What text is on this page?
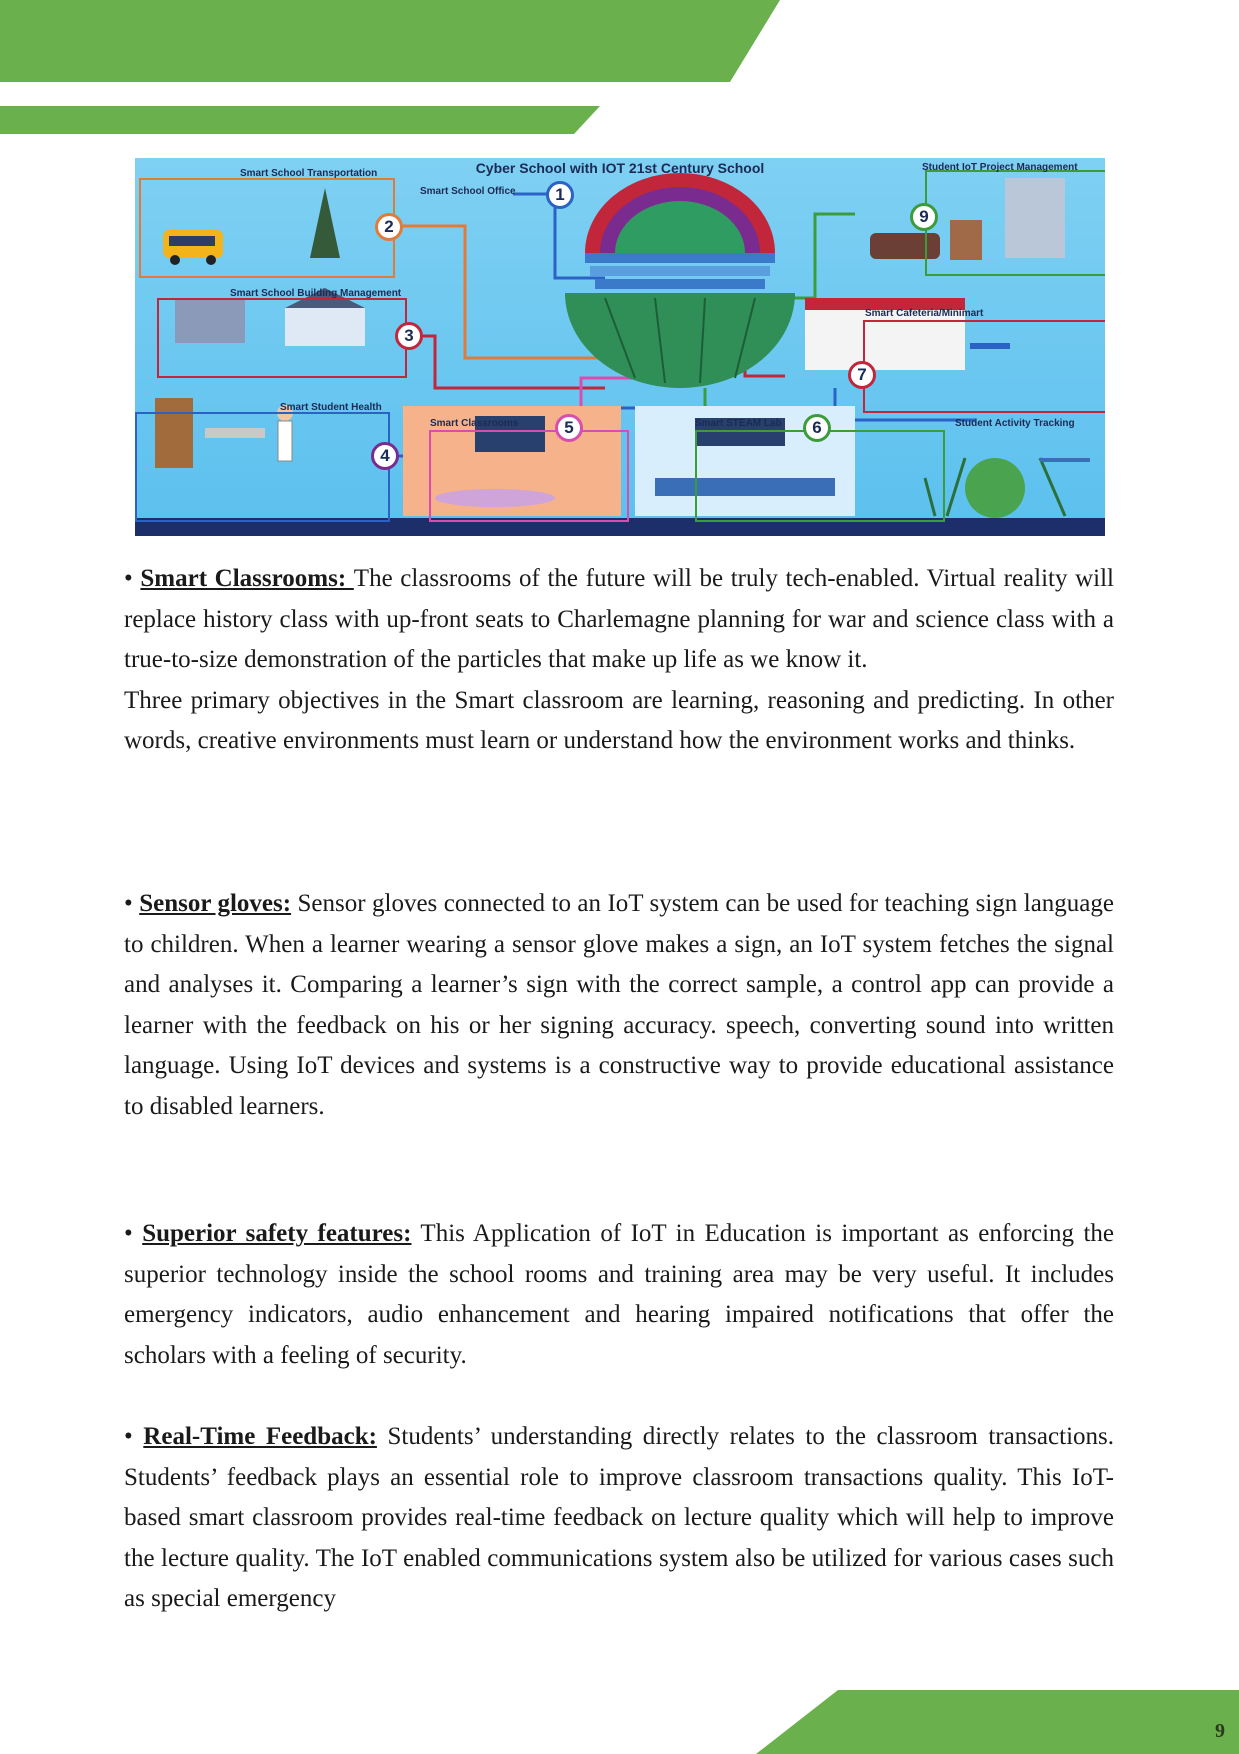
Cyber School with IOT 21st Century School
Smart School Transportation
Smart School Office
Smart School Building Management
Smart Student Health
Smart Classrooms	Smart STEAM Lab
Smart Cafeteria/Minimart
Student Activity Tracking
Student IoT Project Management
1
2
3
4
5	6
7
9

• Smart Classrooms: The classrooms of the future will be truly tech-enabled. Virtual reality will replace history class with up-front seats to Charlemagne planning for war and science class with a true-to-size demonstration of the particles that make up life as we know it.

Three primary objectives in the Smart classroom are learning, reasoning and predicting. In other words, creative environments must learn or understand how the environment works and thinks.

• Sensor gloves: Sensor gloves connected to an IoT system can be used for teaching sign language to children. When a learner wearing a sensor glove makes a sign, an IoT system fetches the signal and analyses it. Comparing a learner’s sign with the correct sample, a control app can provide a learner with the feedback on his or her signing accuracy. speech, converting sound into written language. Using IoT devices and systems is a constructive way to provide educational assistance to disabled learners.

• Superior safety features: This Application of IoT in Education is important as enforcing the superior technology inside the school rooms and training area may be very useful. It includes emergency indicators, audio enhancement and hearing impaired notifications that offer the scholars with a feeling of security.

• Real-Time Feedback: Students’ understanding directly relates to the classroom transactions. Students’ feedback plays an essential role to improve classroom transactions quality. This IoT-based smart classroom provides real-time feedback on lecture quality which will help to improve the lecture quality. The IoT enabled communications system also be utilized for various cases such as special emergency

9
